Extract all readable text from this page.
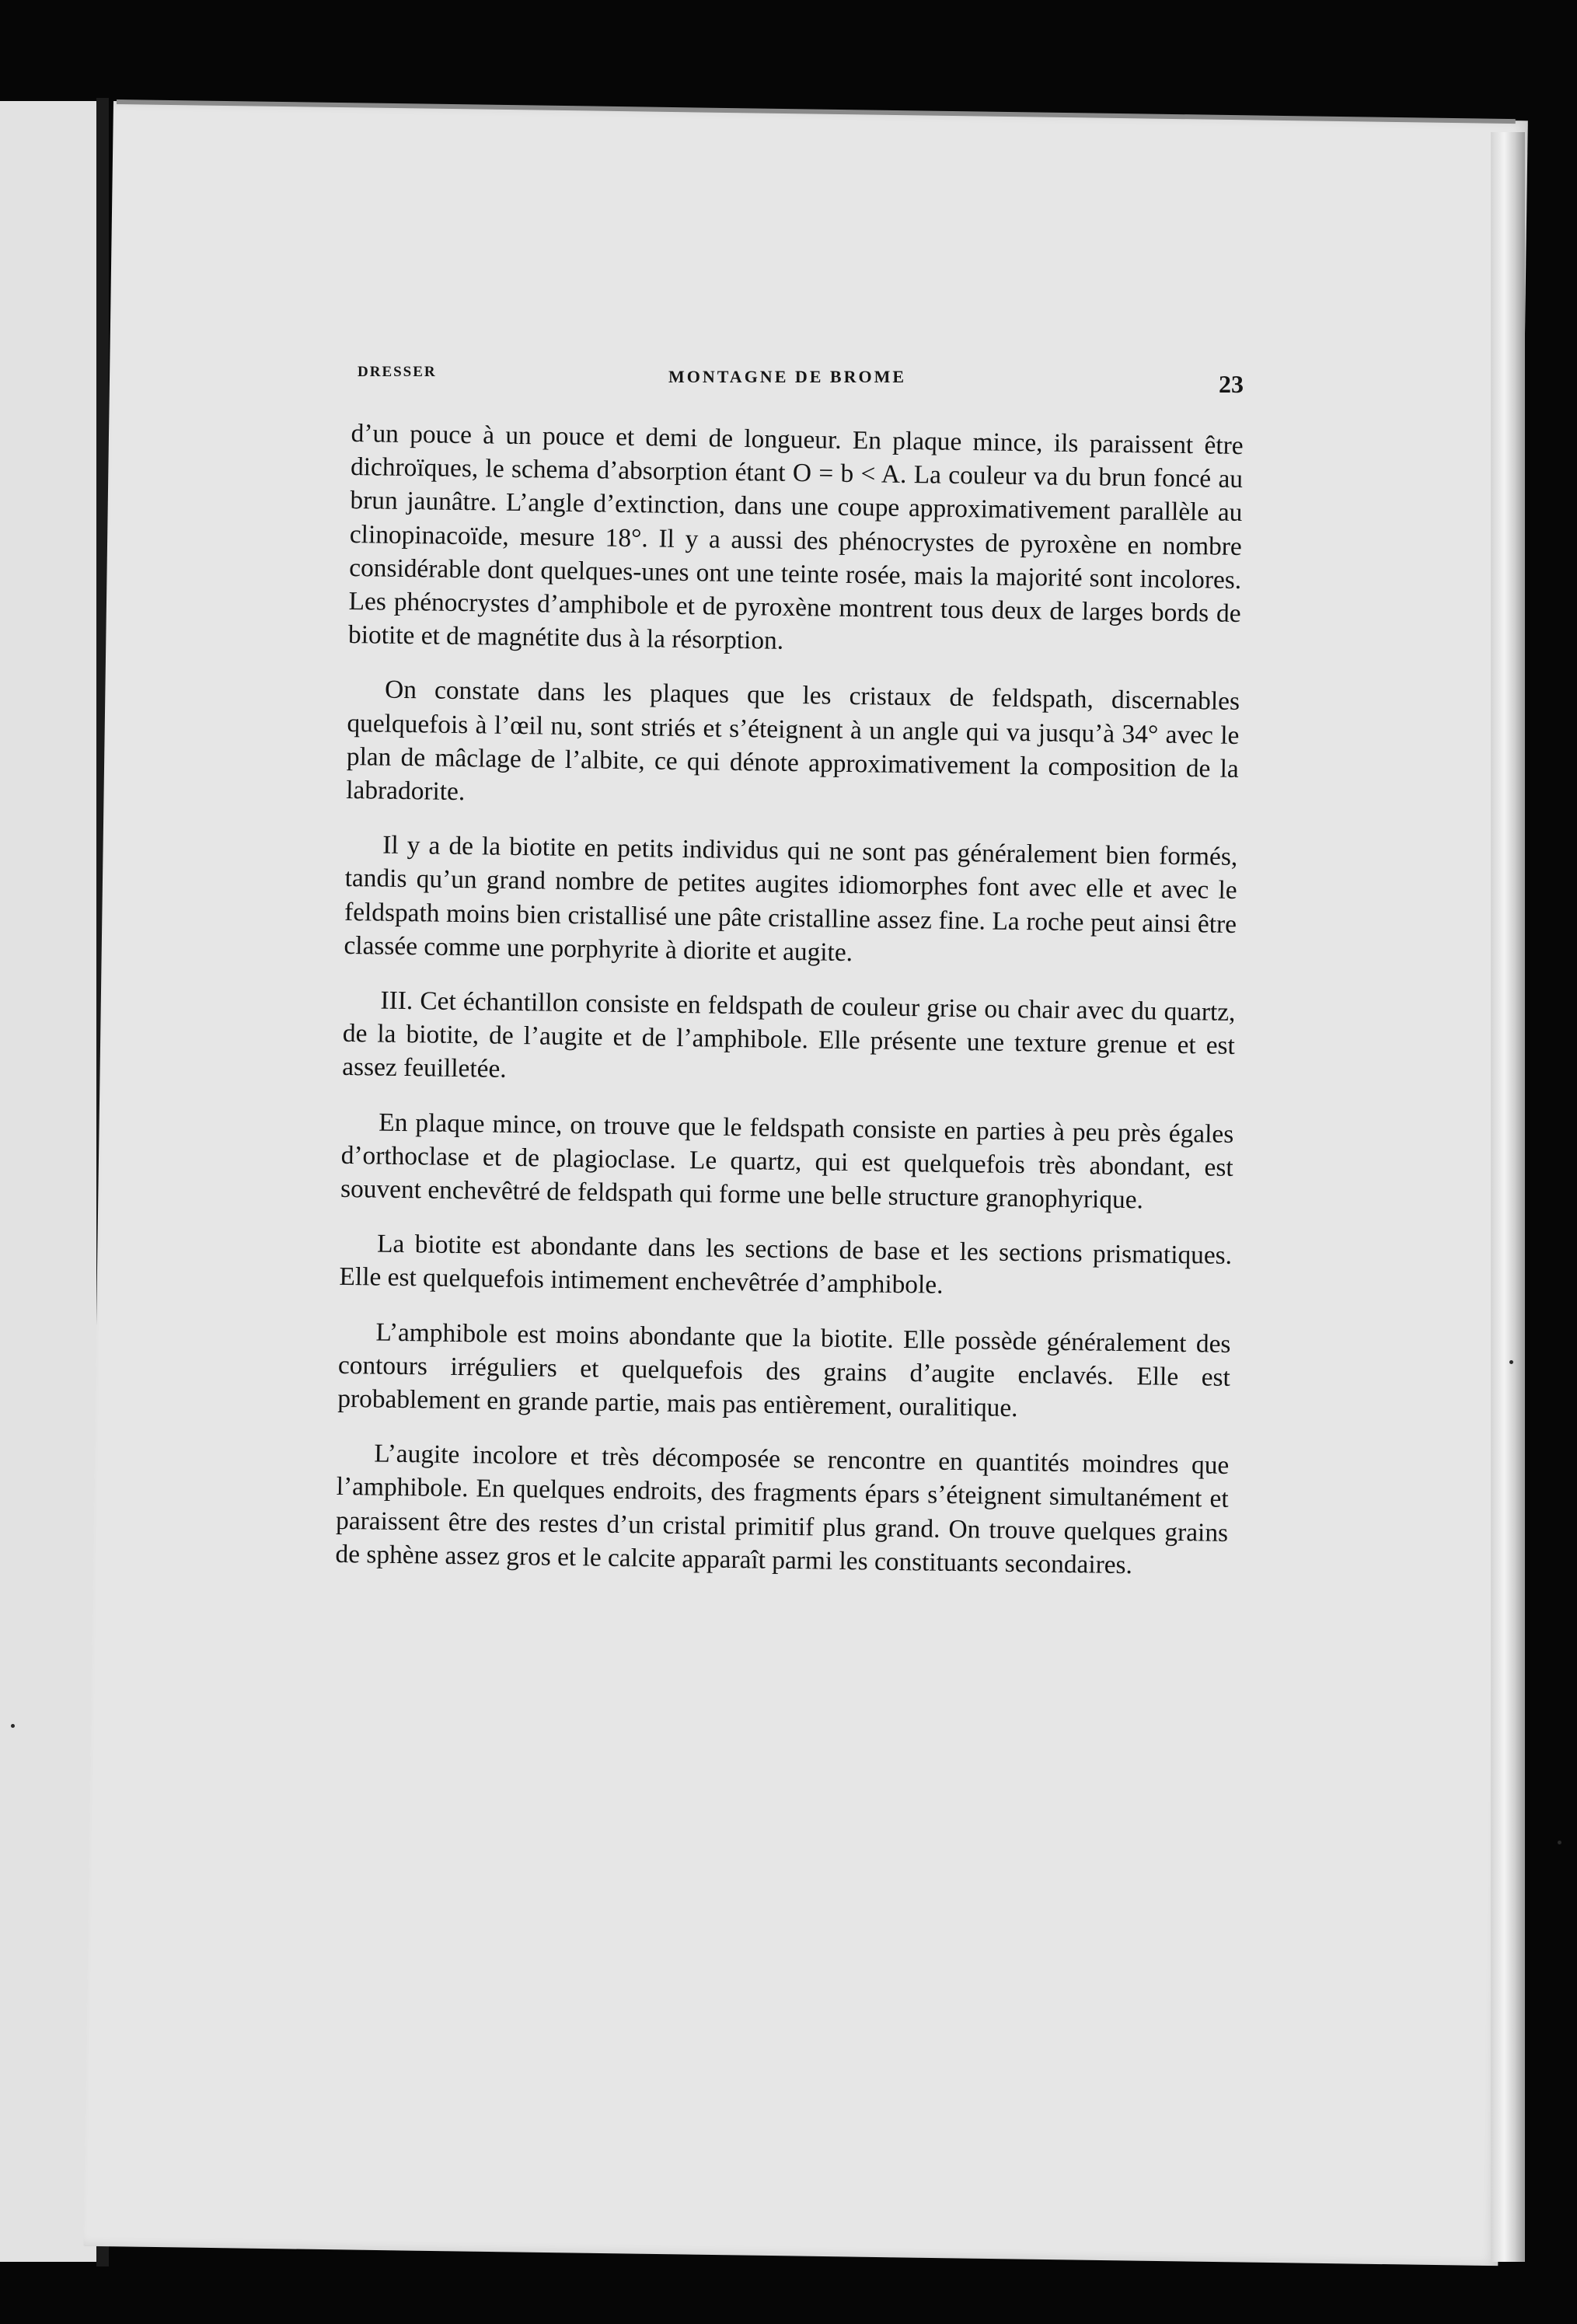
DRESSER	MONTAGNE DE BROME	23

d’un pouce à un pouce et demi de longueur. En plaque mince, ils paraissent être dichroïques, le schema d’absorption étant O = b < A. La couleur va du brun foncé au brun jaunâtre. L’angle d’extinction, dans une coupe approximativement parallèle au clinopinacoïde, mesure 18°. Il y a aussi des phénocrystes de pyroxène en nombre considérable dont quelques-unes ont une teinte rosée, mais la majorité sont incolores. Les phénocrystes d’amphibole et de pyroxène montrent tous deux de larges bords de biotite et de magnétite dus à la résorption.

On constate dans les plaques que les cristaux de feldspath, discernables quelquefois à l’œil nu, sont striés et s’éteignent à un angle qui va jusqu’à 34° avec le plan de mâclage de l’albite, ce qui dénote approximativement la composition de la labradorite.

Il y a de la biotite en petits individus qui ne sont pas généralement bien formés, tandis qu’un grand nombre de petites augites idiomorphes font avec elle et avec le feldspath moins bien cristallisé une pâte cristalline assez fine. La roche peut ainsi être classée comme une porphyrite à diorite et augite.

III. Cet échantillon consiste en feldspath de couleur grise ou chair avec du quartz, de la biotite, de l’augite et de l’amphibole. Elle présente une texture grenue et est assez feuilletée.

En plaque mince, on trouve que le feldspath consiste en parties à peu près égales d’orthoclase et de plagioclase. Le quartz, qui est quelquefois très abondant, est souvent enchevêtré de feldspath qui forme une belle structure granophyrique.

La biotite est abondante dans les sections de base et les sections prismatiques. Elle est quelquefois intimement enchevêtrée d’amphibole.

L’amphibole est moins abondante que la biotite. Elle possède généralement des contours irréguliers et quelquefois des grains d’augite enclavés. Elle est probablement en grande partie, mais pas entièrement, ouralitique.

L’augite incolore et très décomposée se rencontre en quantités moindres que l’amphibole. En quelques endroits, des fragments épars s’éteignent simultanément et paraissent être des restes d’un cristal primitif plus grand. On trouve quelques grains de sphène assez gros et le calcite apparaît parmi les constituants secondaires.
